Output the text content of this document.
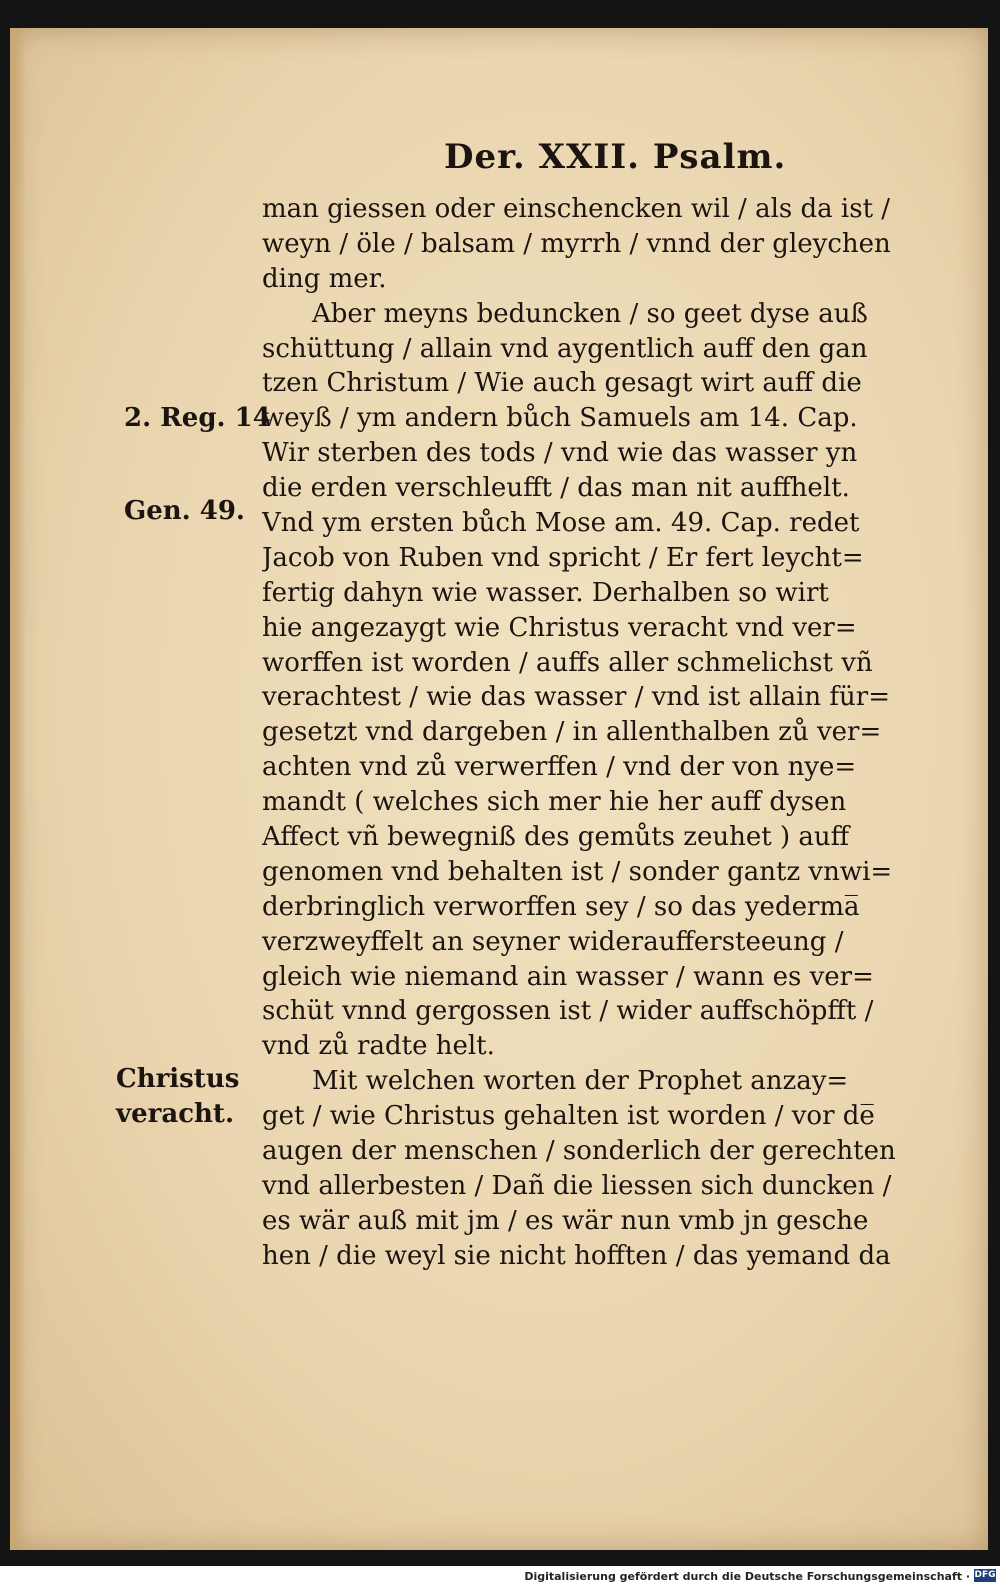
Der. XXII. Psalm.
man giessen oder einschencken wil / als da ist /
weyn / öle / balsam / myrrh / vnnd der gleychen
ding mer.
Aber meyns beduncken / so geet dyse auß
schüttung / allain vnd aygentlich auff den gan
tzen Christum / Wie auch gesagt wirt auff die
weyß / ym andern bůch Samuels am 14. Cap.
Wir sterben des tods / vnd wie das wasser yn
die erden verschleufft / das man nit auffhelt.
Vnd ym ersten bůch Mose am. 49. Cap. redet
Jacob von Ruben vnd spricht / Er fert leycht=
fertig dahyn wie wasser. Derhalben so wirt
hie angezaygt wie Christus veracht vnd ver=
worffen ist worden / auffs aller schmelichst vñ
verachtest / wie das wasser / vnd ist allain für=
gesetzt vnd dargeben / in allenthalben zů ver=
achten vnd zů verwerffen / vnd der von nye=
mandt ( welches sich mer hie her auff dysen
Affect vñ bewegniß des gemůts zeuhet ) auff
genomen vnd behalten ist / sonder gantz vnwi=
derbringlich verworffen sey / so das yederma̅
verzweyffelt an seyner widerauffersteeung /
gleich wie niemand ain wasser / wann es ver=
schüt vnnd gergossen ist / wider auffschöpfft /
vnd zů radte helt.
Mit welchen worten der Prophet anzay=
get / wie Christus gehalten ist worden / vor de̅
augen der menschen / sonderlich der gerechten
vnd allerbesten / Dañ die liessen sich duncken /
es wär auß mit jm / es wär nun vmb jn gesche
hen / die weyl sie nicht hofften / das yemand da
2. Reg. 14
Gen. 49.
Christus
veracht.
Digitalisierung gefördert durch die Deutsche Forschungsgemeinschaft · DFG
